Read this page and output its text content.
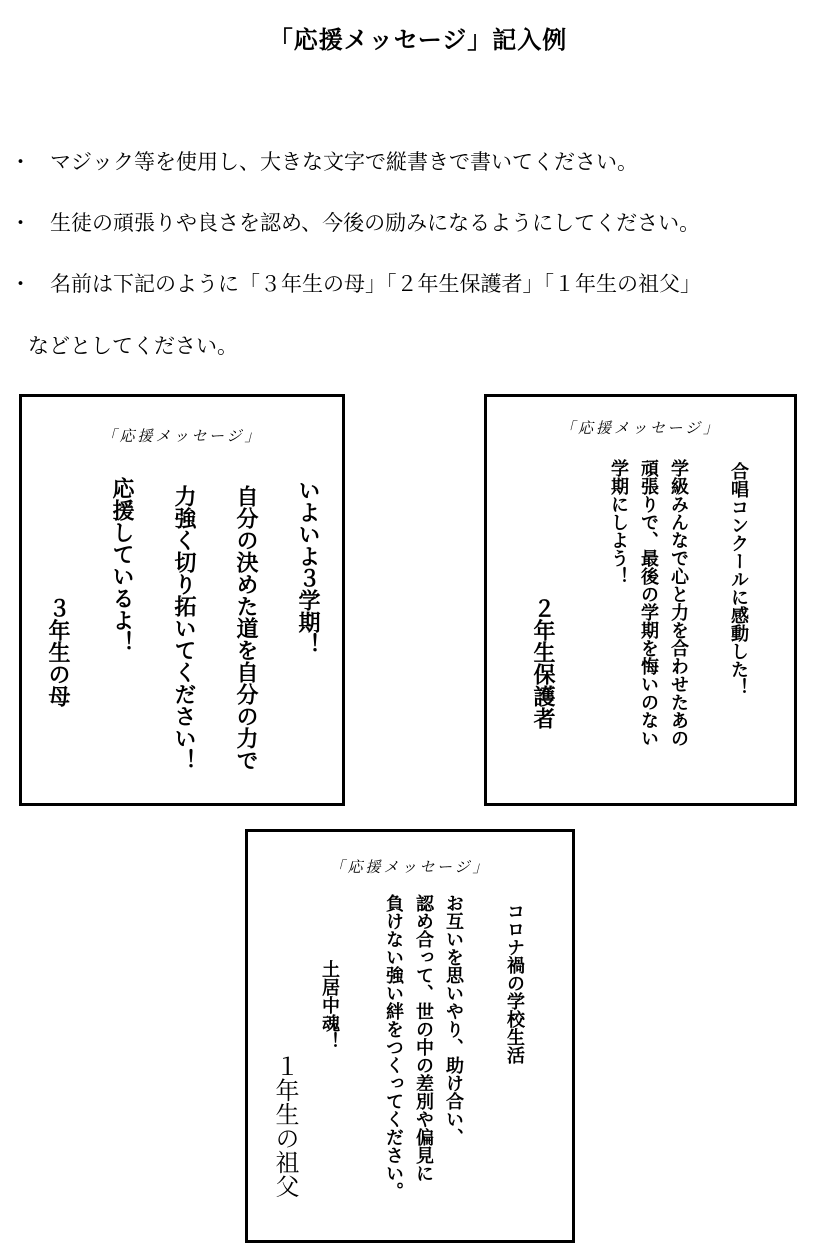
「応援メッセージ」記入例
・ マジック等を使用し、大きな文字で縦書きで書いてください。
・ 生徒の頑張りや良さを認め、今後の励みになるようにしてください。
・ 名前は下記のように「３年生の母」「２年生保護者」「１年生の祖父」
などとしてください。
「応援メッセージ」
いよいよ３学期！
自分の決めた道を自分の力で
力強く切り拓いてください！
応援しているよ！
３年生の母
「応援メッセージ」
合唱コンクールに感動した！
学級みんなで心と力を合わせたあの
頑張りで、最後の学期を悔いのない
学期にしよう！
２年生保護者
「応援メッセージ」
コロナ禍の学校生活
お互いを思いやり、助け合い、
認め合って、世の中の差別や偏見に
負けない強い絆をつくってください。
土居中魂！
１年生の祖父
